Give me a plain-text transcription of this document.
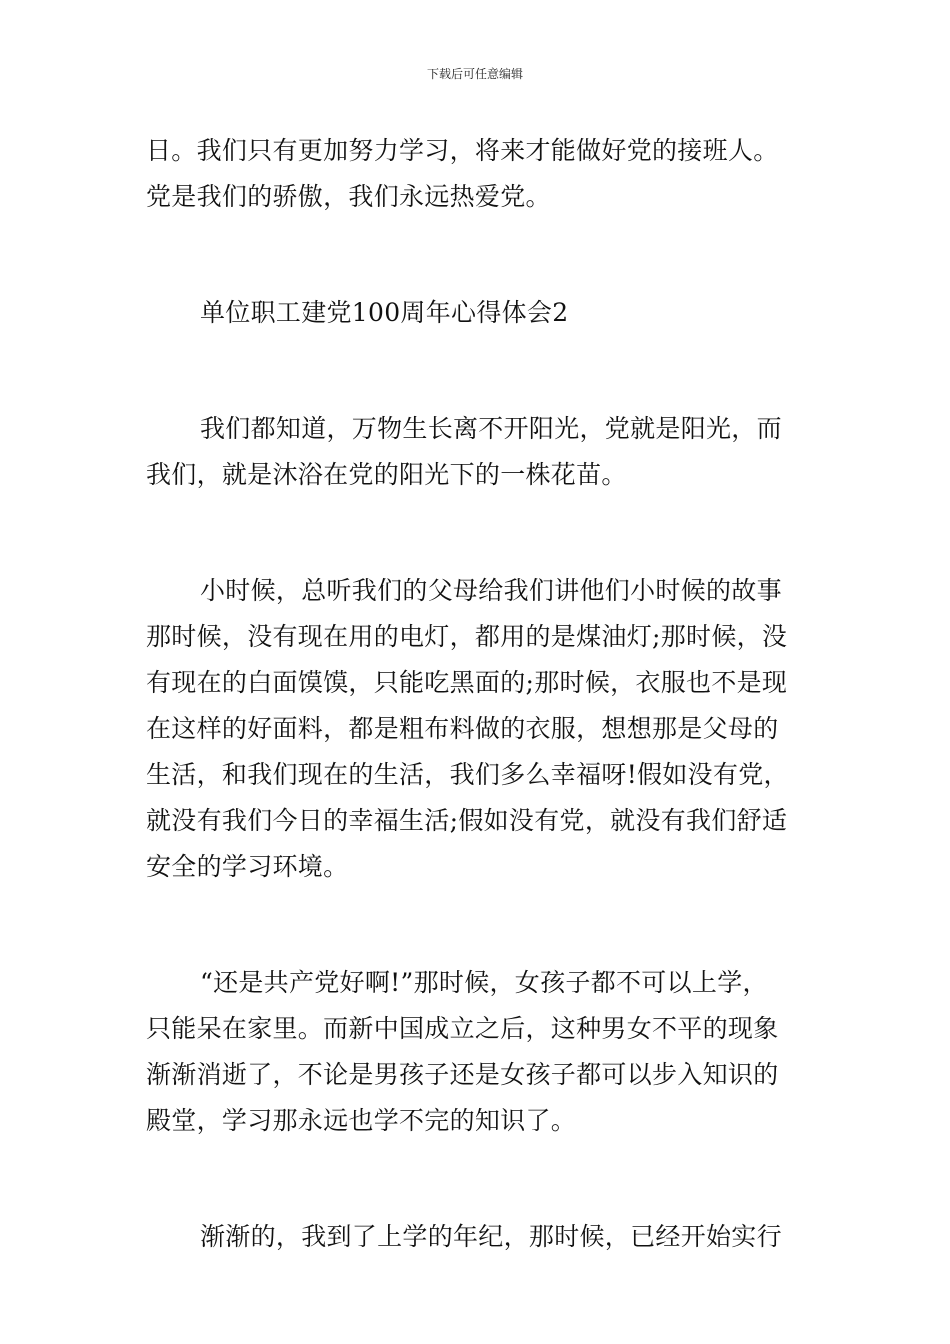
下载后可任意编辑
日。我们只有更加努力学习，将来才能做好党的接班人。
党是我们的骄傲，我们永远热爱党。
单位职工建党100周年心得体会2
我们都知道，万物生长离不开阳光，党就是阳光，而
我们，就是沐浴在党的阳光下的一株花苗。
小时候，总听我们的父母给我们讲他们小时候的故事
那时候，没有现在用的电灯，都用的是煤油灯;那时候，没
有现在的白面馍馍，只能吃黑面的;那时候，衣服也不是现
在这样的好面料，都是粗布料做的衣服，想想那是父母的
生活，和我们现在的生活，我们多么幸福呀!假如没有党，
就没有我们今日的幸福生活;假如没有党，就没有我们舒适
安全的学习环境。
“还是共产党好啊!”那时候，女孩子都不可以上学，
只能呆在家里。而新中国成立之后，这种男女不平的现象
渐渐消逝了，不论是男孩子还是女孩子都可以步入知识的
殿堂，学习那永远也学不完的知识了。
渐渐的，我到了上学的年纪，那时候，已经开始实行
